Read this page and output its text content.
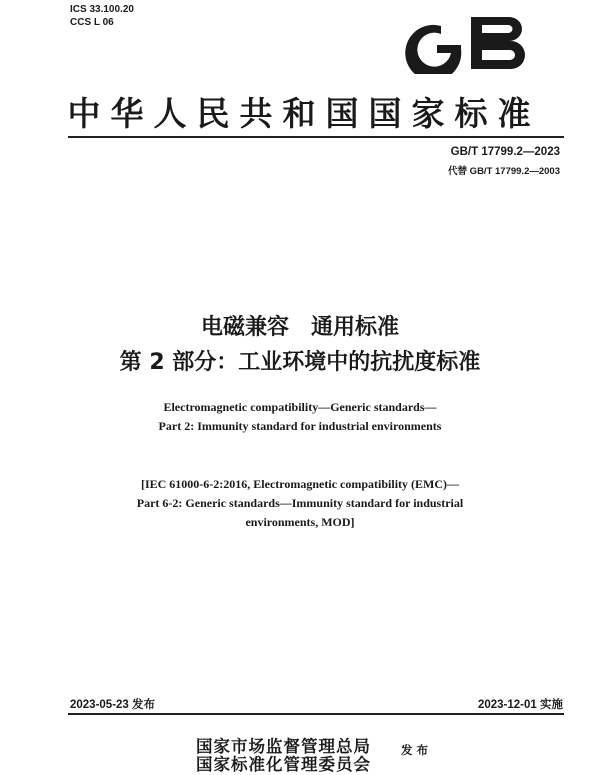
ICS 33.100.20
CCS L 06
GB
中华人民共和国国家标准
GB/T 17799.2—2023
代替 GB/T 17799.2—2003
电磁兼容　通用标准
第 2 部分：工业环境中的抗扰度标准
Electromagnetic compatibility—Generic standards—
Part 2: Immunity standard for industrial environments
[IEC 61000-6-2:2016, Electromagnetic compatibility (EMC)—
Part 6-2: Generic standards—Immunity standard for industrial
environments, MOD]
2023-05-23 发布	2023-12-01 实施
国家市场监督管理总局
国家标准化管理委员会
发布
